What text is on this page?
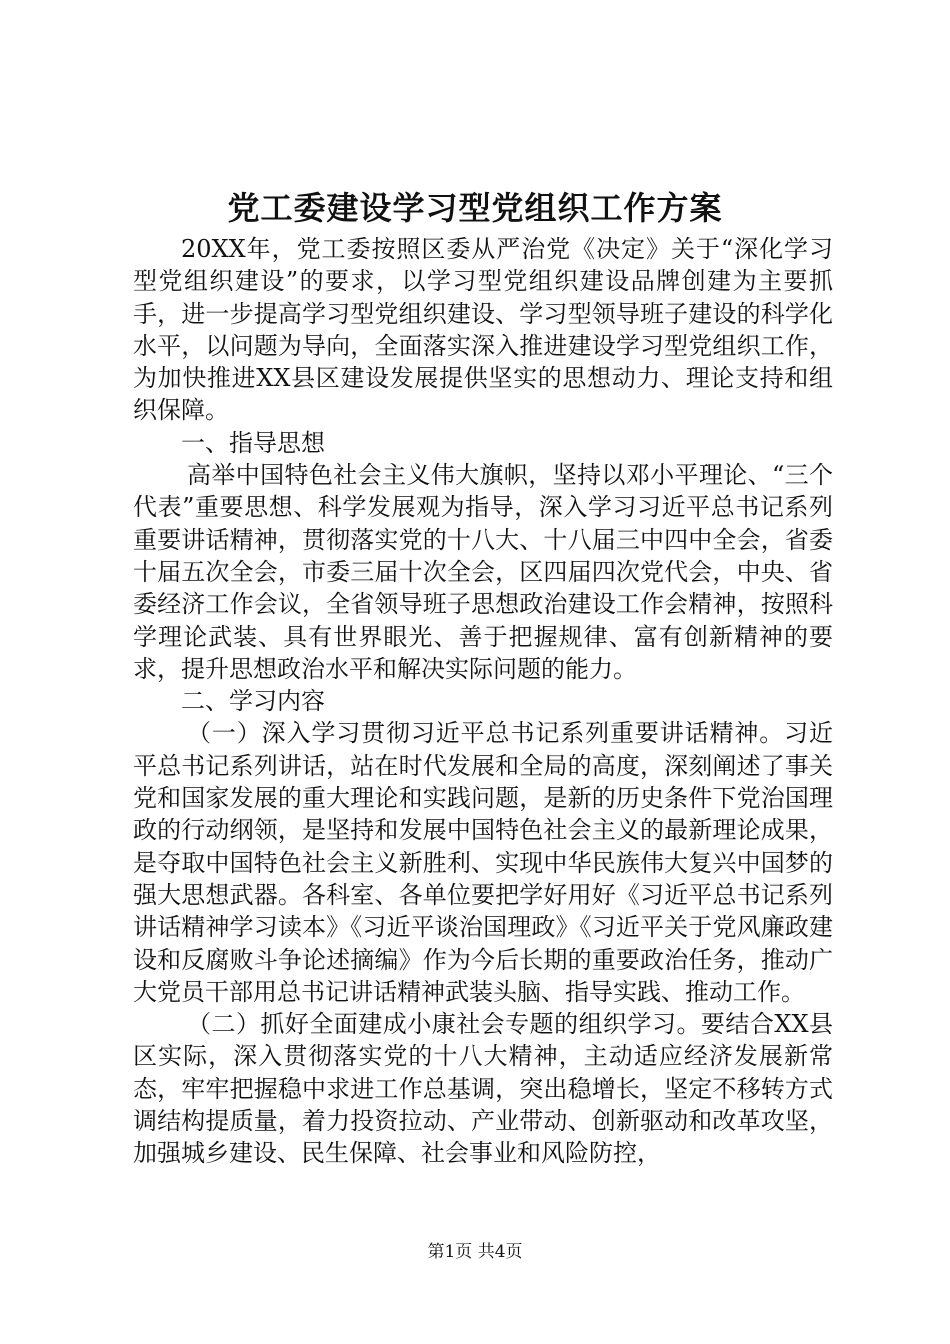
党工委建设学习型党组织工作方案

20XX年，党工委按照区委从严治党《决定》关于“深化学习型党组织建设”的要求，以学习型党组织建设品牌创建为主要抓手，进一步提高学习型党组织建设、学习型领导班子建设的科学化水平，以问题为导向，全面落实深入推进建设学习型党组织工作，为加快推进XX县区建设发展提供坚实的思想动力、理论支持和组织保障。

一、指导思想

高举中国特色社会主义伟大旗帜，坚持以邓小平理论、“三个代表”重要思想、科学发展观为指导，深入学习习近平总书记系列重要讲话精神，贯彻落实党的十八大、十八届三中四中全会，省委十届五次全会，市委三届十次全会，区四届四次党代会，中央、省委经济工作会议，全省领导班子思想政治建设工作会精神，按照科学理论武装、具有世界眼光、善于把握规律、富有创新精神的要求，提升思想政治水平和解决实际问题的能力。

二、学习内容

（一）深入学习贯彻习近平总书记系列重要讲话精神。习近平总书记系列讲话，站在时代发展和全局的高度，深刻阐述了事关党和国家发展的重大理论和实践问题，是新的历史条件下党治国理政的行动纲领，是坚持和发展中国特色社会主义的最新理论成果，是夺取中国特色社会主义新胜利、实现中华民族伟大复兴中国梦的强大思想武器。各科室、各单位要把学好用好《习近平总书记系列讲话精神学习读本》《习近平谈治国理政》《习近平关于党风廉政建设和反腐败斗争论述摘编》作为今后长期的重要政治任务，推动广大党员干部用总书记讲话精神武装头脑、指导实践、推动工作。

（二）抓好全面建成小康社会专题的组织学习。要结合XX县区实际，深入贯彻落实党的十八大精神，主动适应经济发展新常态，牢牢把握稳中求进工作总基调，突出稳增长，坚定不移转方式调结构提质量，着力投资拉动、产业带动、创新驱动和改革攻坚，加强城乡建设、民生保障、社会事业和风险防控，

第1页 共4页
